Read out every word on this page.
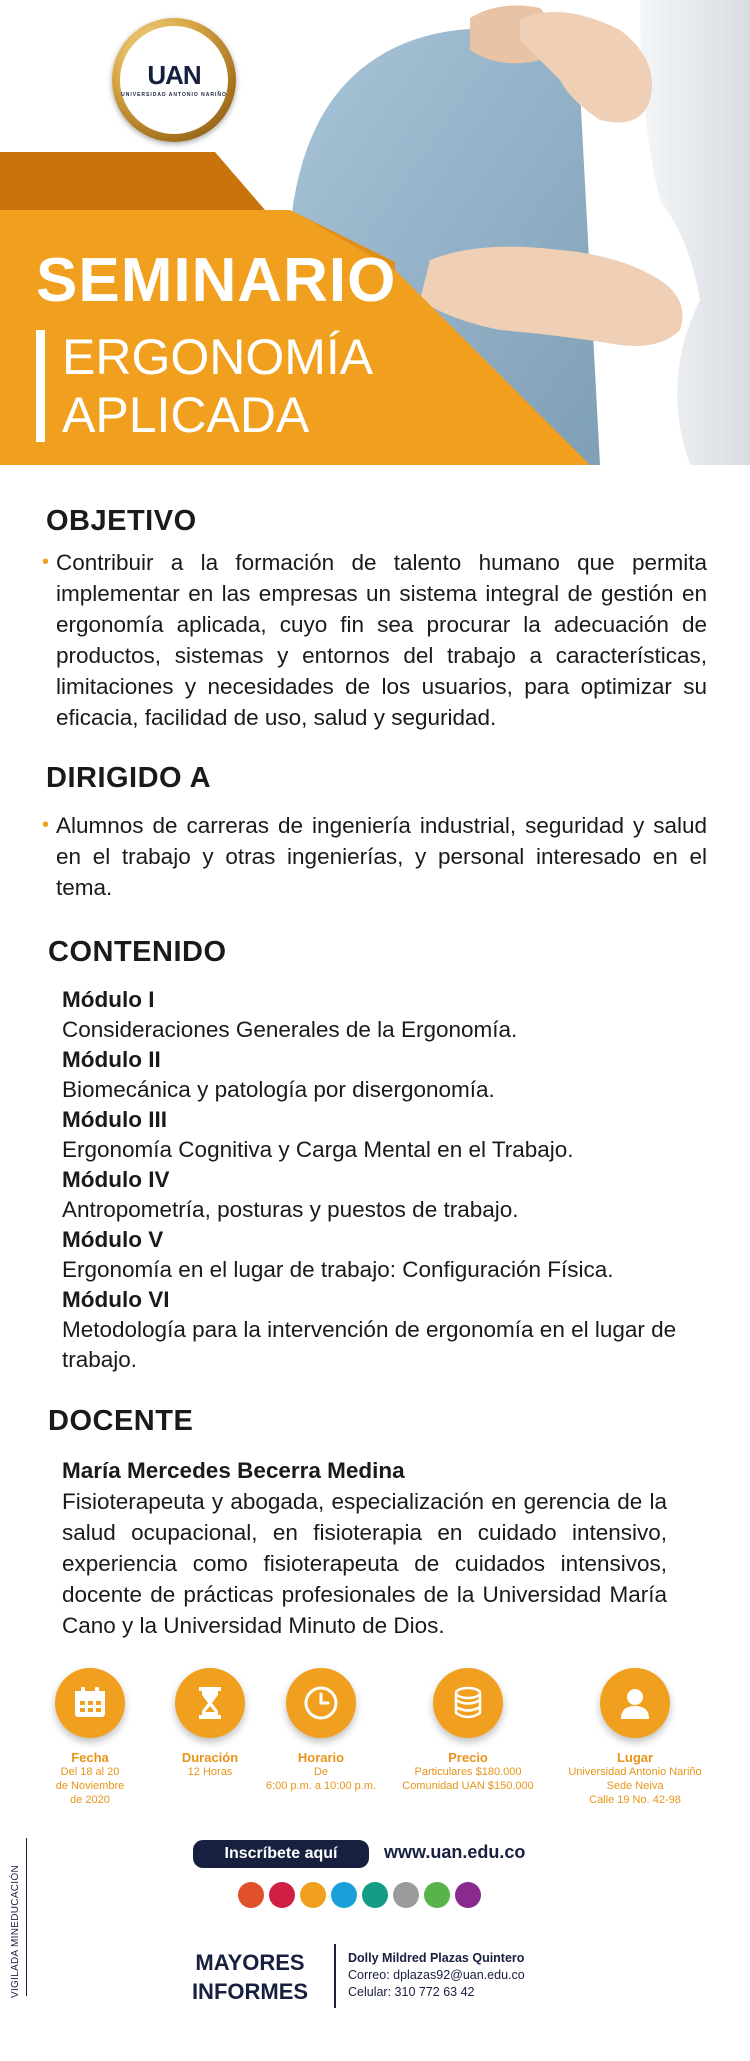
UAN
UNIVERSIDAD ANTONIO NARIÑO
SEMINARIO
ERGONOMÍA
APLICADA
OBJETIVO
• Contribuir a la formación de talento humano que permita implementar en las empresas un sistema integral de gestión en ergonomía aplicada, cuyo fin sea procurar la adecuación de productos, sistemas y entornos del trabajo a características, limitaciones y necesidades de los usuarios, para optimizar su eficacia, facilidad de uso, salud y seguridad.

DIRIGIDO A
• Alumnos de carreras de ingeniería industrial, seguridad y salud en el trabajo y otras ingenierías, y personal interesado en el tema.

CONTENIDO
Módulo I
Consideraciones Generales de la Ergonomía.
Módulo II
Biomecánica y patología por disergonomía.
Módulo III
Ergonomía Cognitiva y Carga Mental en el Trabajo.
Módulo IV
Antropometría, posturas y puestos de trabajo.
Módulo V
Ergonomía en el lugar de trabajo: Configuración Física.
Módulo VI
Metodología para la intervención de ergonomía en el lugar de trabajo.
DOCENTE
María Mercedes Becerra Medina

Fisioterapeuta y abogada, especialización en gerencia de la salud ocupacional, en fisioterapia en cuidado intensivo, experiencia como fisioterapeuta de cuidados intensivos, docente de prácticas profesionales de la Universidad María Cano y la Universidad Minuto de Dios.

Fecha
Del 18 al 20
de Noviembre
de 2020
Duración
12 Horas
Horario
De
6:00 p.m. a 10:00 p.m.
Precio
Particulares $180.000
Comunidad UAN $150.000
Lugar
Universidad Antonio Nariño
Sede Neiva
Calle 19 No. 42-98
VIGILADA MINEDUCACIÓN
Inscríbete aquí	www.uan.edu.co
MAYORES
INFORMES
Dolly Mildred Plazas Quintero
Correo: dplazas92@uan.edu.co
Celular: 310 772 63 42
